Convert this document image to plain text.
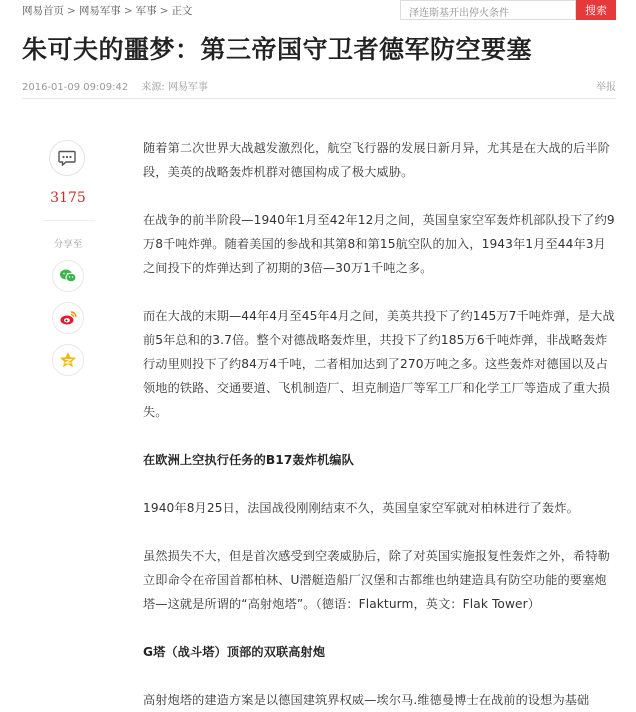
网易首页 > 网易军事 > 军事 > 正文
泽连斯基开出停火条件	搜索
朱可夫的噩梦：第三帝国守卫者德军防空要塞
2016-01-09 09:09:42 来源: 网易军事	举报
3175
分享至

随着第二次世界大战越发激烈化，航空飞行器的发展日新月异，尤其是在大战的后半阶段，美英的战略轰炸机群对德国构成了极大威胁。

在战争的前半阶段—1940年1月至42年12月之间，英国皇家空军轰炸机部队投下了约9万8千吨炸弹。随着美国的参战和其第8和第15航空队的加入，1943年1月至44年3月之间投下的炸弹达到了初期的3倍—30万1千吨之多。

而在大战的末期—44年4月至45年4月之间，美英共投下了约145万7千吨炸弹，是大战前5年总和的3.7倍。整个对德战略轰炸里，共投下了约185万6千吨炸弹，非战略轰炸行动里则投下了约84万4千吨，二者相加达到了270万吨之多。这些轰炸对德国以及占领地的铁路、交通要道、飞机制造厂、坦克制造厂等军工厂和化学工厂等造成了重大损失。

在欧洲上空执行任务的B17轰炸机编队

1940年8月25日，法国战役刚刚结束不久，英国皇家空军就对柏林进行了轰炸。

虽然损失不大，但是首次感受到空袭威胁后，除了对英国实施报复性轰炸之外，希特勒立即命令在帝国首都柏林、U潜艇造船厂汉堡和古都维也纳建造具有防空功能的要塞炮塔—这就是所谓的“高射炮塔”。（德语：Flakturm，英文：Flak Tower）

G塔（战斗塔）顶部的双联高射炮

高射炮塔的建造方案是以德国建筑界权威—埃尔马.维德曼博士在战前的设想为基础
